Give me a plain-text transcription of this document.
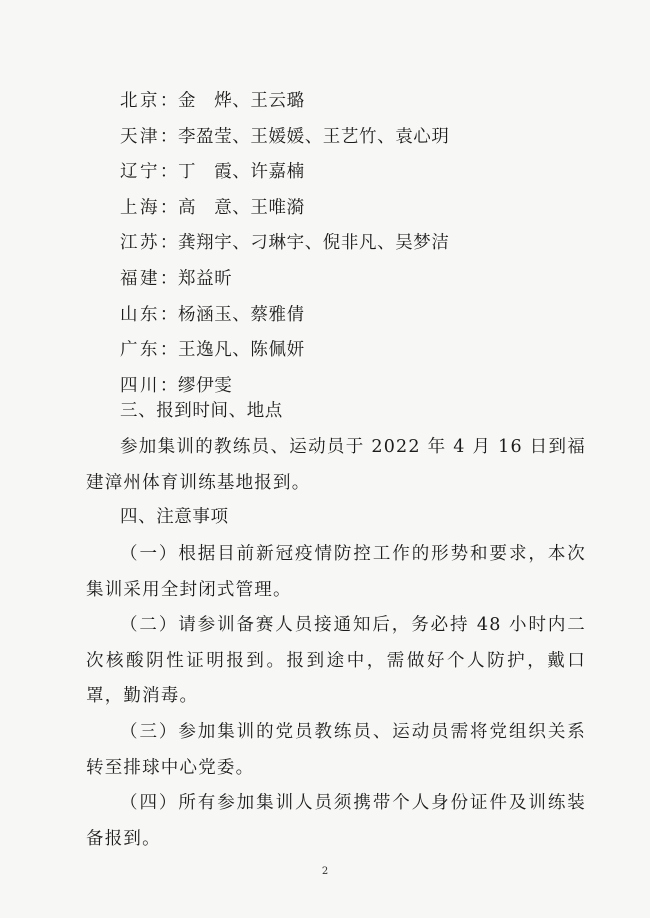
北京：金　烨、王云璐
天津：李盈莹、王媛媛、王艺竹、袁心玥
辽宁：丁　霞、许嘉楠
上海：高　意、王唯漪
江苏：龚翔宇、刁琳宇、倪非凡、吴梦洁
福建：郑益昕
山东：杨涵玉、蔡雅倩
广东：王逸凡、陈佩妍
四川：缪伊雯
三、报到时间、地点
参加集训的教练员、运动员于 2022 年 4 月 16 日到福建漳州体育训练基地报到。
四、注意事项
（一）根据目前新冠疫情防控工作的形势和要求，本次集训采用全封闭式管理。
（二）请参训备赛人员接通知后，务必持 48 小时内二次核酸阴性证明报到。报到途中，需做好个人防护，戴口罩，勤消毒。
（三）参加集训的党员教练员、运动员需将党组织关系转至排球中心党委。
（四）所有参加集训人员须携带个人身份证件及训练装备报到。
2
